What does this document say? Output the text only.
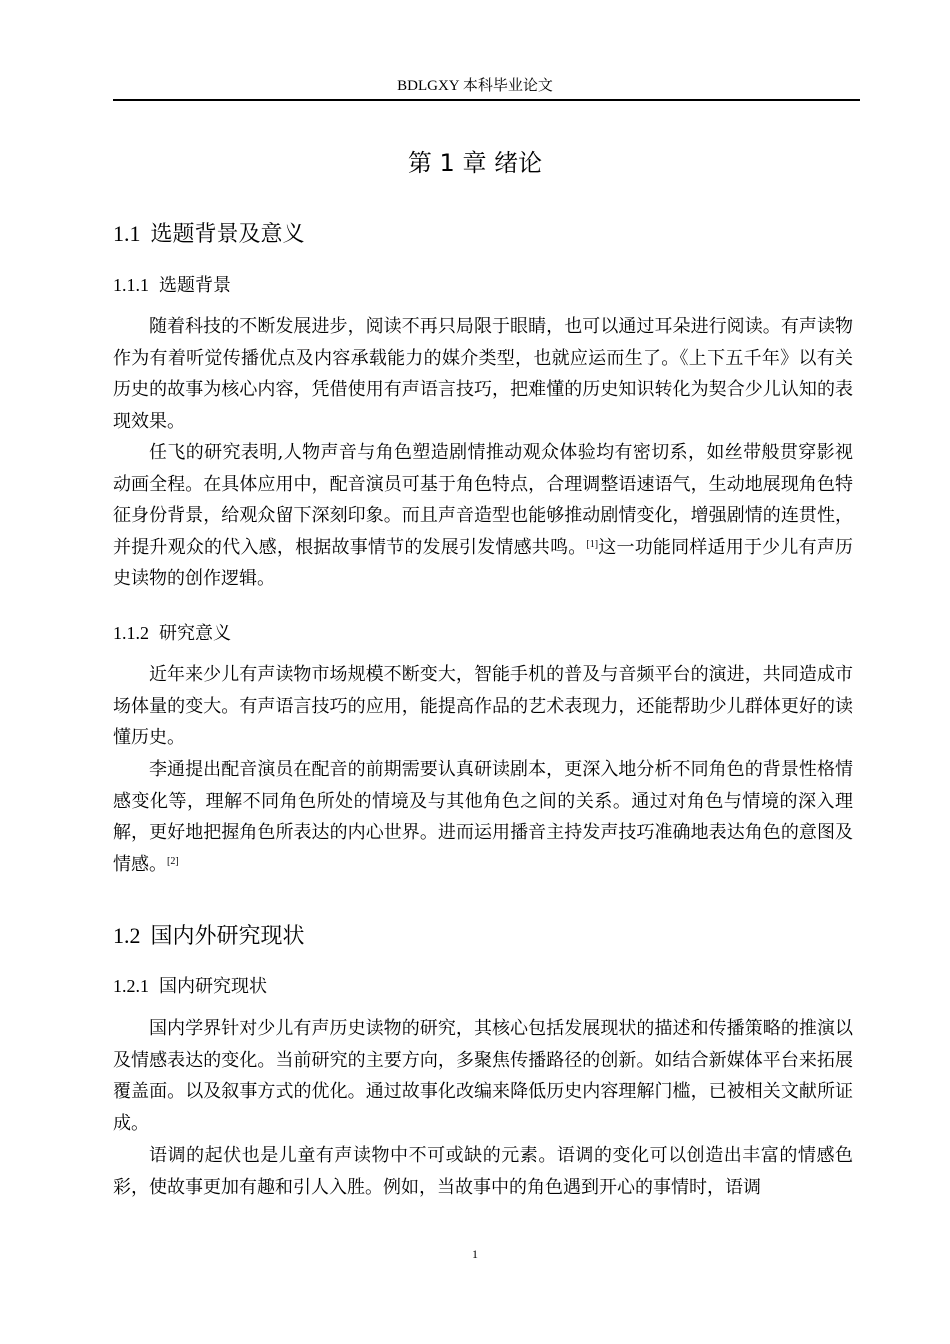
BDLGXY 本科毕业论文
第 1 章 绪论
1.1 选题背景及意义
1.1.1 选题背景

随着科技的不断发展进步，阅读不再只局限于眼睛，也可以通过耳朵进行阅读。有声读物作为有着听觉传播优点及内容承载能力的媒介类型，也就应运而生了。《上下五千年》以有关历史的故事为核心内容，凭借使用有声语言技巧，把难懂的历史知识转化为契合少儿认知的表现效果。

任飞的研究表明,人物声音与角色塑造剧情推动观众体验均有密切系，如丝带般贯穿影视动画全程。在具体应用中，配音演员可基于角色特点，合理调整语速语气，生动地展现角色特征身份背景，给观众留下深刻印象。而且声音造型也能够推动剧情变化，增强剧情的连贯性，并提升观众的代入感，根据故事情节的发展引发情感共鸣。[1]这一功能同样适用于少儿有声历史读物的创作逻辑。

1.1.2 研究意义

近年来少儿有声读物市场规模不断变大，智能手机的普及与音频平台的演进，共同造成市场体量的变大。有声语言技巧的应用，能提高作品的艺术表现力，还能帮助少儿群体更好的读懂历史。

李通提出配音演员在配音的前期需要认真研读剧本，更深入地分析不同角色的背景性格情感变化等，理解不同角色所处的情境及与其他角色之间的关系。通过对角色与情境的深入理解，更好地把握角色所表达的内心世界。进而运用播音主持发声技巧准确地表达角色的意图及情感。[2]

1.2 国内外研究现状
1.2.1 国内研究现状

国内学界针对少儿有声历史读物的研究，其核心包括发展现状的描述和传播策略的推演以及情感表达的变化。当前研究的主要方向，多聚焦传播路径的创新。如结合新媒体平台来拓展覆盖面。以及叙事方式的优化。通过故事化改编来降低历史内容理解门槛，已被相关文献所证成。

语调的起伏也是儿童有声读物中不可或缺的元素。语调的变化可以创造出丰富的情感色彩，使故事更加有趣和引人入胜。例如，当故事中的角色遇到开心的事情时，语调

1
